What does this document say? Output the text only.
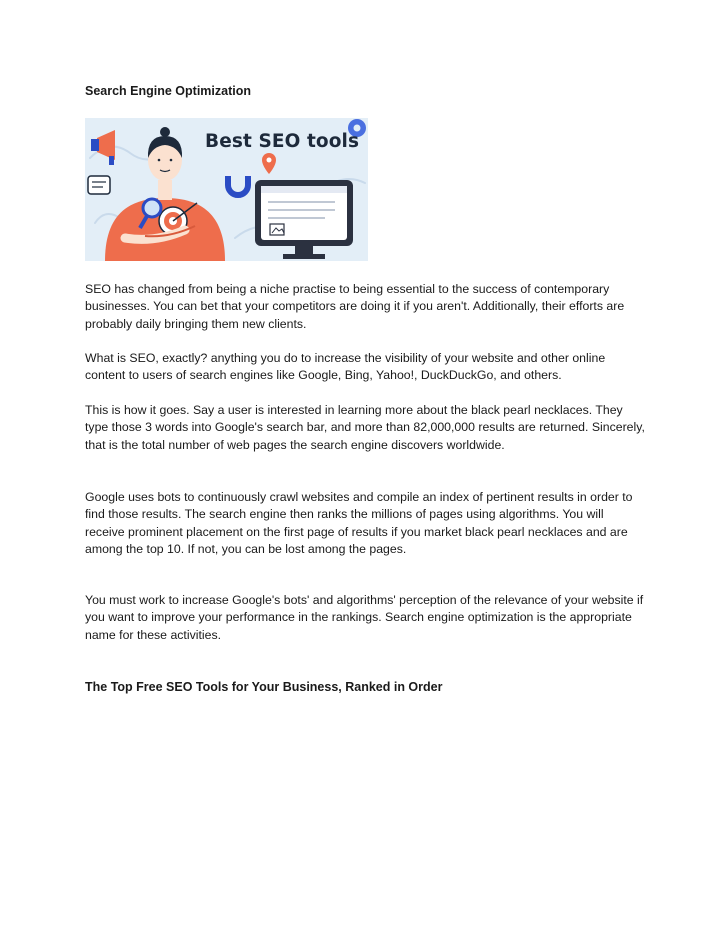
Search Engine Optimization
Best SEO tools

SEO has changed from being a niche practise to being essential to the success of contemporary businesses. You can bet that your competitors are doing it if you aren't. Additionally, their efforts are probably daily bringing them new clients.

What is SEO, exactly? anything you do to increase the visibility of your website and other online content to users of search engines like Google, Bing, Yahoo!, DuckDuckGo, and others.

This is how it goes. Say a user is interested in learning more about the black pearl necklaces. They type those 3 words into Google's search bar, and more than 82,000,000 results are returned. Sincerely, that is the total number of web pages the search engine discovers worldwide.

Google uses bots to continuously crawl websites and compile an index of pertinent results in order to find those results. The search engine then ranks the millions of pages using algorithms. You will receive prominent placement on the first page of results if you market black pearl necklaces and are among the top 10. If not, you can be lost among the pages.

You must work to increase Google's bots' and algorithms' perception of the relevance of your website if you want to improve your performance in the rankings. Search engine optimization is the appropriate name for these activities.

The Top Free SEO Tools for Your Business, Ranked in Order
